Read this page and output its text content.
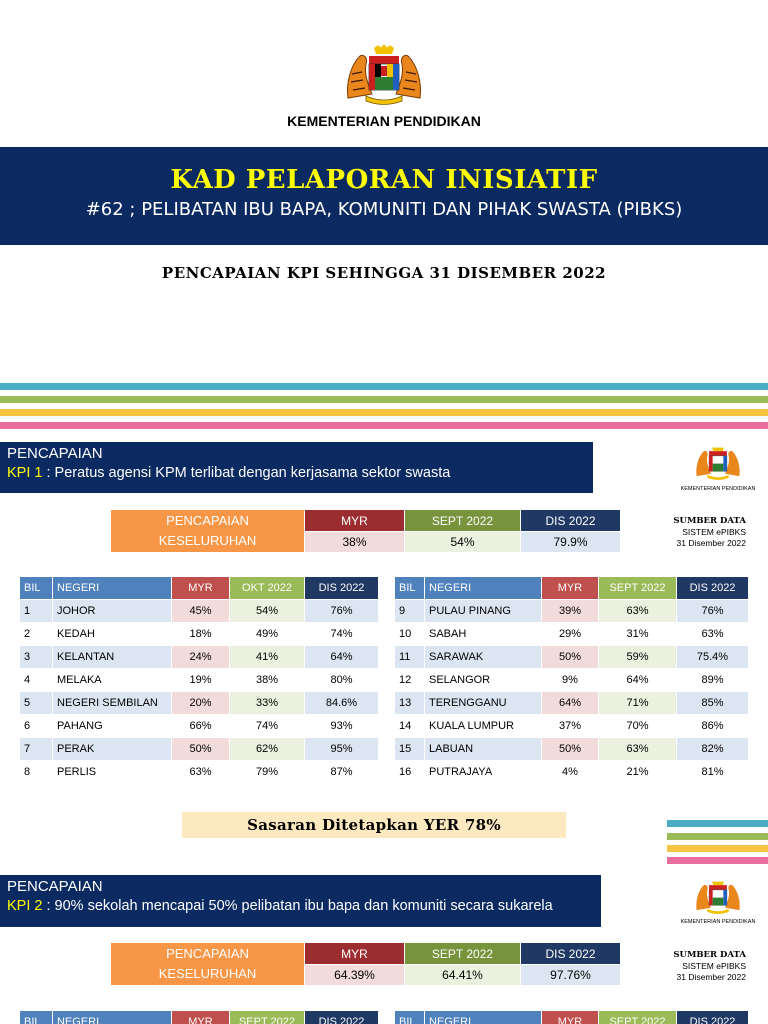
KEMENTERIAN PENDIDIKAN
KAD PELAPORAN INISIATIF
#62 ; PELIBATAN IBU BAPA, KOMUNITI DAN PIHAK SWASTA (PIBKS)
PENCAPAIAN KPI SEHINGGA 31 DISEMBER 2022
PENCAPAIAN
KPI 1 : Peratus agensi KPM terlibat dengan kerjasama sektor swasta
KEMENTERIAN PENDIDIKAN
PENCAPAIAN
KESELURUHAN	MYR	SEPT 2022	DIS 2022
	38%	54%	79.9%
SUMBER DATA
SISTEM ePIBKS
31 Disember 2022
BIL	NEGERI	MYR	OKT 2022	DIS 2022
1	JOHOR	45%	54%	76%
2	KEDAH	18%	49%	74%
3	KELANTAN	24%	41%	64%
4	MELAKA	19%	38%	80%
5	NEGERI SEMBILAN	20%	33%	84.6%
6	PAHANG	66%	74%	93%
7	PERAK	50%	62%	95%
8	PERLIS	63%	79%	87%
BIL	NEGERI	MYR	SEPT 2022	DIS 2022
9	PULAU PINANG	39%	63%	76%
10	SABAH	29%	31%	63%
11	SARAWAK	50%	59%	75.4%
12	SELANGOR	9%	64%	89%
13	TERENGGANU	64%	71%	85%
14	KUALA LUMPUR	37%	70%	86%
15	LABUAN	50%	63%	82%
16	PUTRAJAYA	4%	21%	81%
Sasaran Ditetapkan YER 78%
PENCAPAIAN
KPI 2 : 90% sekolah mencapai 50% pelibatan ibu bapa dan komuniti secara sukarela
KEMENTERIAN PENDIDIKAN
PENCAPAIAN
KESELURUHAN	MYR	SEPT 2022	DIS 2022
	64.39%	64.41%	97.76%
SUMBER DATA
SISTEM ePIBKS
31 Disember 2022
BIL	NEGERI	MYR	SEPT 2022	DIS 2022	BIL	NEGERI	MYR	SEPT 2022	DIS 2022
